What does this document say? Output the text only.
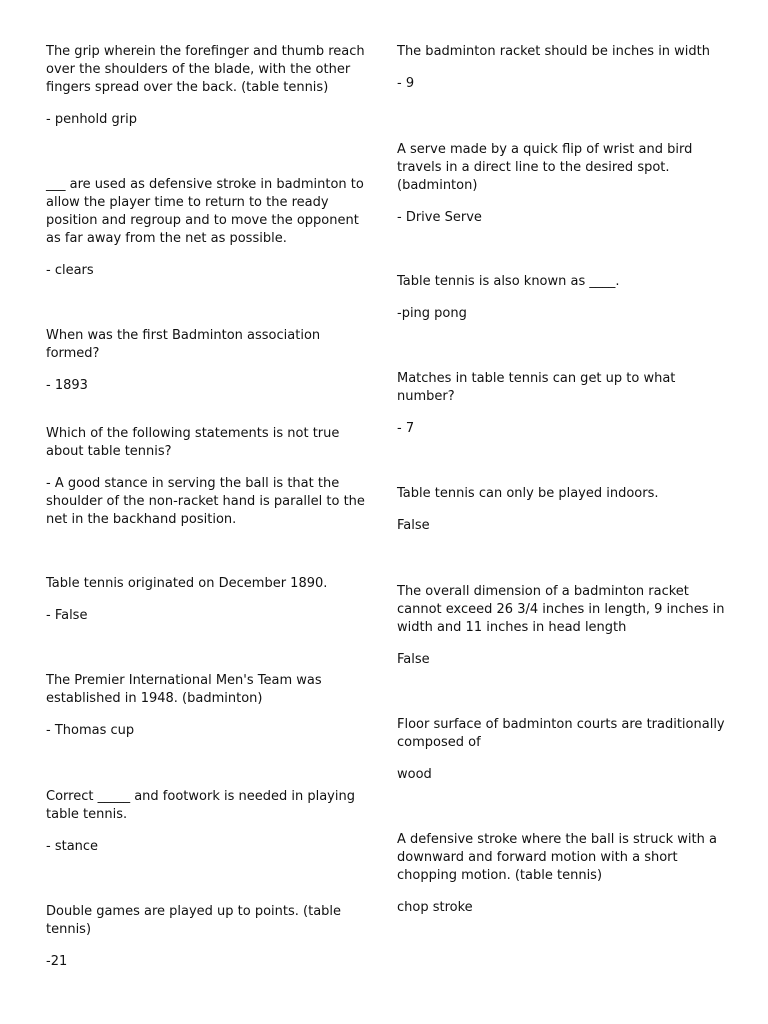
The grip wherein the forefinger and thumb reach over the shoulders of the blade, with the other fingers spread over the back. (table tennis)

- penhold grip

___ are used as defensive stroke in badminton to allow the player time to return to the ready position and regroup and to move the opponent as far away from the net as possible.

- clears

When was the first Badminton association formed?

- 1893

Which of the following statements is not true about table tennis?

- A good stance in serving the ball is that the shoulder of the non-racket hand is parallel to the net in the backhand position.

Table tennis originated on December 1890.

- False

The Premier International Men's Team was established in 1948. (badminton)

- Thomas cup

Correct _____ and footwork is needed in playing table tennis.

- stance

Double games are played up to points. (table tennis)

-21

The badminton racket should be inches in width

- 9

A serve made by a quick flip of wrist and bird travels in a direct line to the desired spot. (badminton)

- Drive Serve

Table tennis is also known as ____.

-ping pong

Matches in table tennis can get up to what number?

- 7

Table tennis can only be played indoors.

False

The overall dimension of a badminton racket cannot exceed 26 3/4 inches in length, 9 inches in width and 11 inches in head length

False

Floor surface of badminton courts are traditionally composed of

wood

A defensive stroke where the ball is struck with a downward and forward motion with a short chopping motion. (table tennis)

chop stroke
